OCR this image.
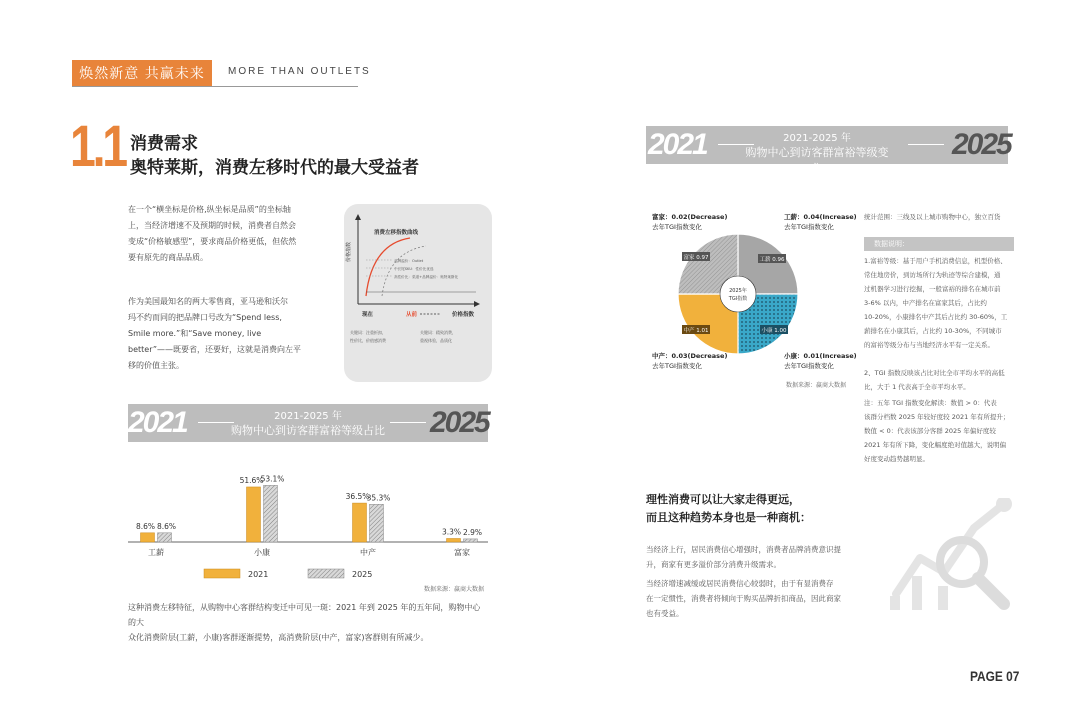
焕然新意 共赢未来	MORE THAN OUTLETS
1.1 消费需求
奥特莱斯，消费左移时代的最大受益者
在一个“横坐标是价格,纵坐标是品质”的坐标轴
上，当经济增速不及预期的时候，消费者自然会
变成“价格敏感型”，要求商品价格更低，但依然
要有原先的商品品质。
作为美国最知名的两大零售商，亚马逊和沃尔
玛不约而同的把品牌口号改为“Spend less,
Smile more.”和“Save money, live
better”——既要省，还要好，这就是消费向左平
移的价值主张。
价格指数
消费左移指数曲线
品牌溢价：Outlet
中长尾SKU：性价比优选
高性价比：渠道+品牌溢价：奥特莱斯化
现在	从前	价格指数
关键词：注重折扣，
性价比，价值感消费
关键词：精致消费，
重视体验，品质化
2021	2021-2025 年
购物中心到访客群富裕等级占比 2025
8.6% 8.6%
工薪
51.6%
53.1%
小康
36.5%
35.3%
中产
3.3% 2.9%
富家
2021	2025
数据来源：赢商大数据
这种消费左移特征，从购物中心客群结构变迁中可见一斑：2021 年到 2025 年的五年间，购物中心的大
众化消费阶层(工薪，小康)客群逐渐提势，高消费阶层(中产，富家)客群则有所减少。
2021	2021-2025 年
购物中心到访客群富裕等级变化
2025
2025年
TGI指数
工薪 0.96
小康 1.00
中产 1.01
富家 0.97
富家：0.02(Decrease)
去年TGI指数变化
工薪：0.04(Increase)
去年TGI指数变化
中产：0.03(Decrease)
去年TGI指数变化
小康：0.01(Increase)
去年TGI指数变化
数据来源：赢商大数据
统计范围：三线及以上城市购物中心，独立百货
数据说明：
1.富裕等级：基于用户手机消费信息，机型价格、
常住地房价，到访场所行为轨迹等综合建模，通
过机器学习进行挖掘，一般富裕的排名在城市前
3-6% 以内，中产排名在富家其后，占比约
10-20%，小康排名中产其后占比约 30-60%，工
薪排名在小康其后，占比约 10-30%，不同城市
的富裕等级分布与当地经济水平有一定关系。
2、TGI 指数反映该占比对比全市平均水平的高低
比，大于 1 代表高于全市平均水平。
注：五年 TGI 指数变化解读：数值 > 0：代表
该群分档数 2025 年较好度较 2021 年有所提升；
数值 < 0：代表该部分客群 2025 年偏好度较
2021 年有所下降，变化幅度绝对值越大，说明偏
好度变动趋势越明显。
理性消费可以让大家走得更远，
而且这种趋势本身也是一种商机：
当经济上行，居民消费信心增强时，消费者品牌消费意识提
升，商家有更多溢价部分消费升级需求。
当经济增速减缓或居民消费信心较弱时，由于有显消费存
在一定惯性，消费者将倾向于购买品牌折扣商品，因此商家
也有受益。
PAGE 07
